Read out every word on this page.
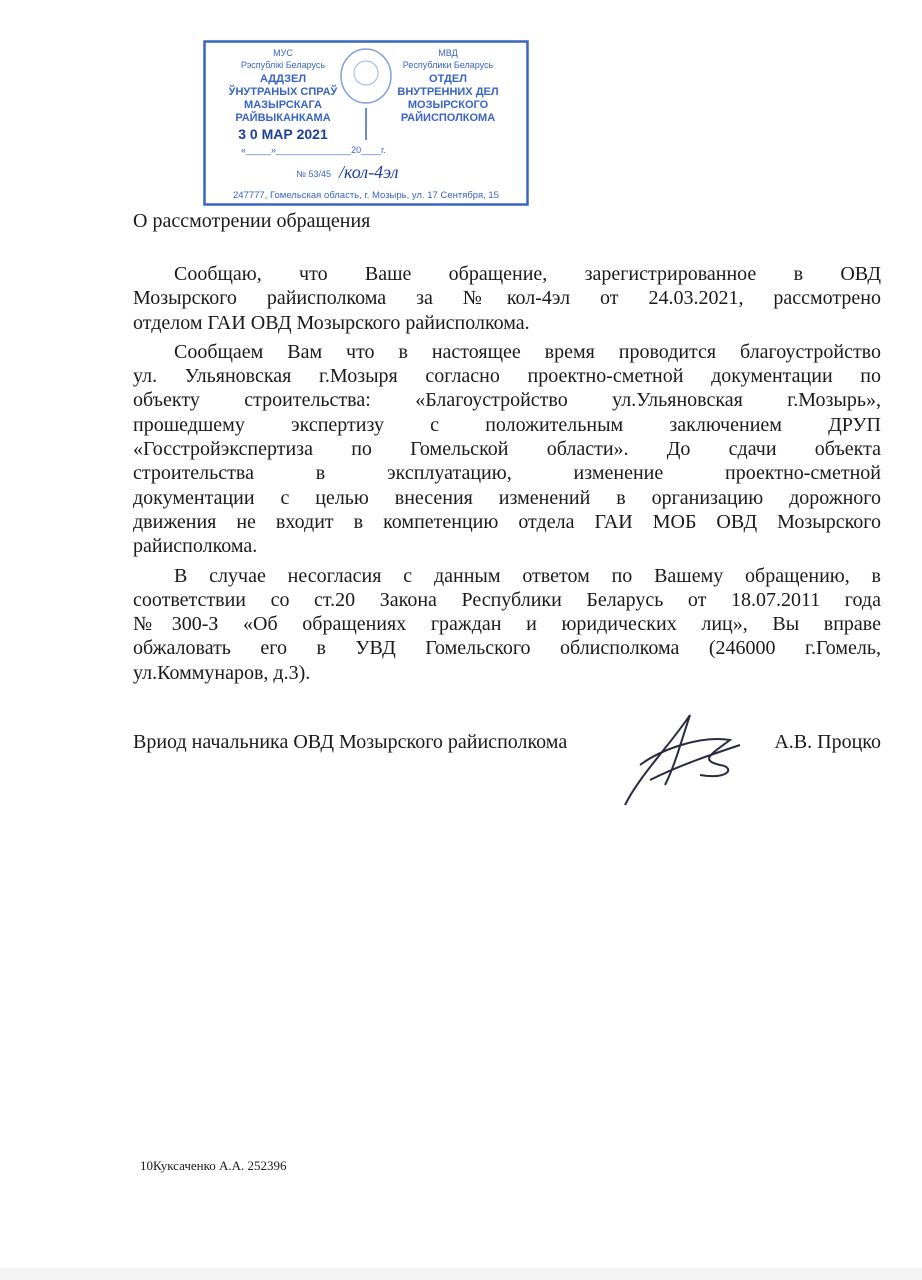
МУС
Рэспублiкi Беларусь
АДДЗЕЛ
ЎНУТРАНЫХ СПРАЎ
МАЗЫРСКАГА
РАЙВЫКАНКАМА
3 0 МАР 2021
МВД
Республики Беларусь
ОТДЕЛ
ВНУТРЕННИХ ДЕЛ
МОЗЫРСКОГО
РАЙИСПОЛКОМА
«_____»_______________20____г.
№ 53/45 /кол-4эл
247777, Гомельская область, г. Мозырь, ул. 17 Сентября, 15
О рассмотрении обращения
Сообщаю, что Ваше обращение, зарегистрированное в ОВД
Мозырского райисполкома за №кол-4эл от 24.03.2021, рассмотрено
отделом ГАИ ОВД Мозырского райисполкома.
Сообщаем Вам что в настоящее время проводится благоустройство
ул. Ульяновская г.Мозыря согласно проектно-сметной документации по
объекту строительства: «Благоустройство ул.Ульяновская г.Мозырь»,
прошедшему экспертизу с положительным заключением ДРУП
«Госстройэкспертиза по Гомельской области». До сдачи объекта
строительства в эксплуатацию, изменение проектно-сметной
документации с целью внесения изменений в организацию дорожного
движения не входит в компетенцию отдела ГАИ МОБ ОВД Мозырского
райисполкома.
В случае несогласия с данным ответом по Вашему обращению, в
соответствии со ст.20 Закона Республики Беларусь от 18.07.2011 года
№300-З «Об обращениях граждан и юридических лиц», Вы вправе
обжаловать его в УВД Гомельского облисполкома (246000 г.Гомель,
ул.Коммунаров, д.3).
Вриод начальника ОВД Мозырского райисполкома	А.В. Процко
10Куксаченко А.А. 252396
